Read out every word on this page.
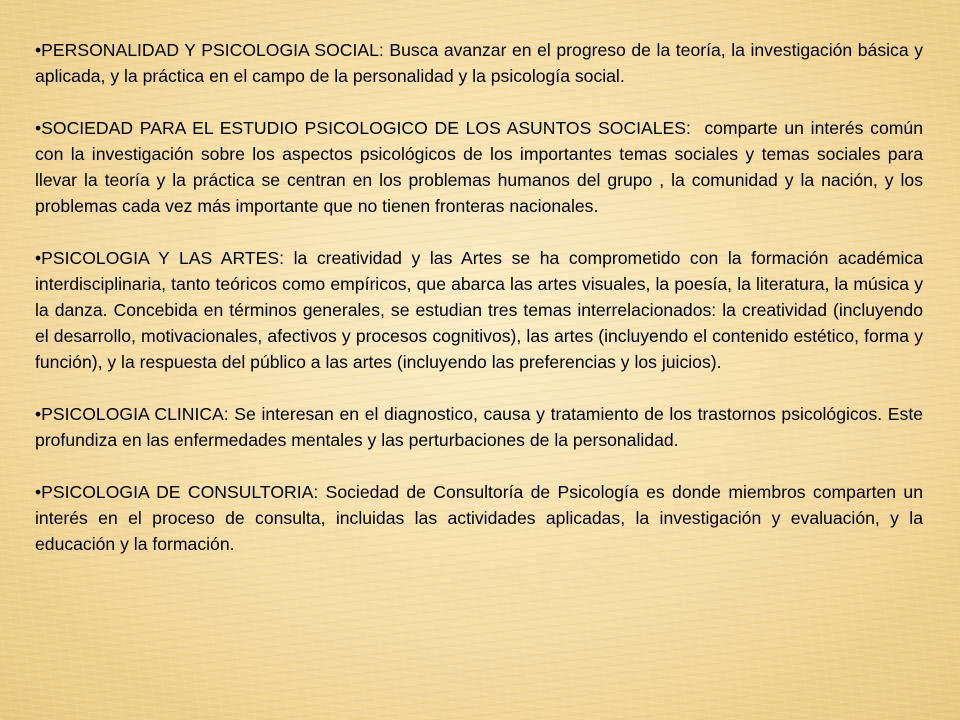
•PERSONALIDAD Y PSICOLOGIA SOCIAL: Busca avanzar en el progreso de la teoría, la investigación básica y aplicada, y la práctica en el campo de la personalidad y la psicología social.

•SOCIEDAD PARA EL ESTUDIO PSICOLOGICO DE LOS ASUNTOS SOCIALES:  comparte un interés común con la investigación sobre los aspectos psicológicos de los importantes temas sociales y temas sociales para llevar la teoría y la práctica se centran en los problemas humanos del grupo , la comunidad y la nación, y los problemas cada vez más importante que no tienen fronteras nacionales.

•PSICOLOGIA Y LAS ARTES: la creatividad y las Artes se ha comprometido con la formación académica interdisciplinaria, tanto teóricos como empíricos, que abarca las artes visuales, la poesía, la literatura, la música y la danza. Concebida en términos generales, se estudian tres temas interrelacionados: la creatividad (incluyendo el desarrollo, motivacionales, afectivos y procesos cognitivos), las artes (incluyendo el contenido estético, forma y función), y la respuesta del público a las artes (incluyendo las preferencias y los juicios).

•PSICOLOGIA CLINICA: Se interesan en el diagnostico, causa y tratamiento de los trastornos psicológicos. Este profundiza en las enfermedades mentales y las perturbaciones de la personalidad.

•PSICOLOGIA DE CONSULTORIA: Sociedad de Consultoría de Psicología es donde miembros comparten un interés en el proceso de consulta, incluidas las actividades aplicadas, la investigación y evaluación, y la educación y la formación.
